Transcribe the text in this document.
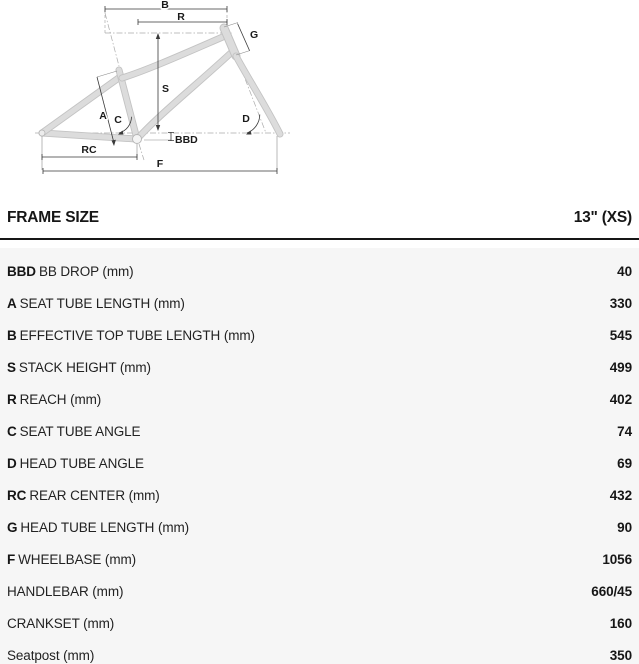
B
R
S
G
A C	D
BBD
RC
F
FRAME SIZE	13" (XS)
BBD BB DROP (mm)	40
A SEAT TUBE LENGTH (mm)	330
B EFFECTIVE TOP TUBE LENGTH (mm)	545
S STACK HEIGHT (mm)	499
R REACH (mm)	402
C SEAT TUBE ANGLE	74
D HEAD TUBE ANGLE	69
RC REAR CENTER (mm)	432
G HEAD TUBE LENGTH (mm)	90
F WHEELBASE (mm)	1056
HANDLEBAR (mm)	660/45
CRANKSET (mm)	160
Seatpost (mm)	350
